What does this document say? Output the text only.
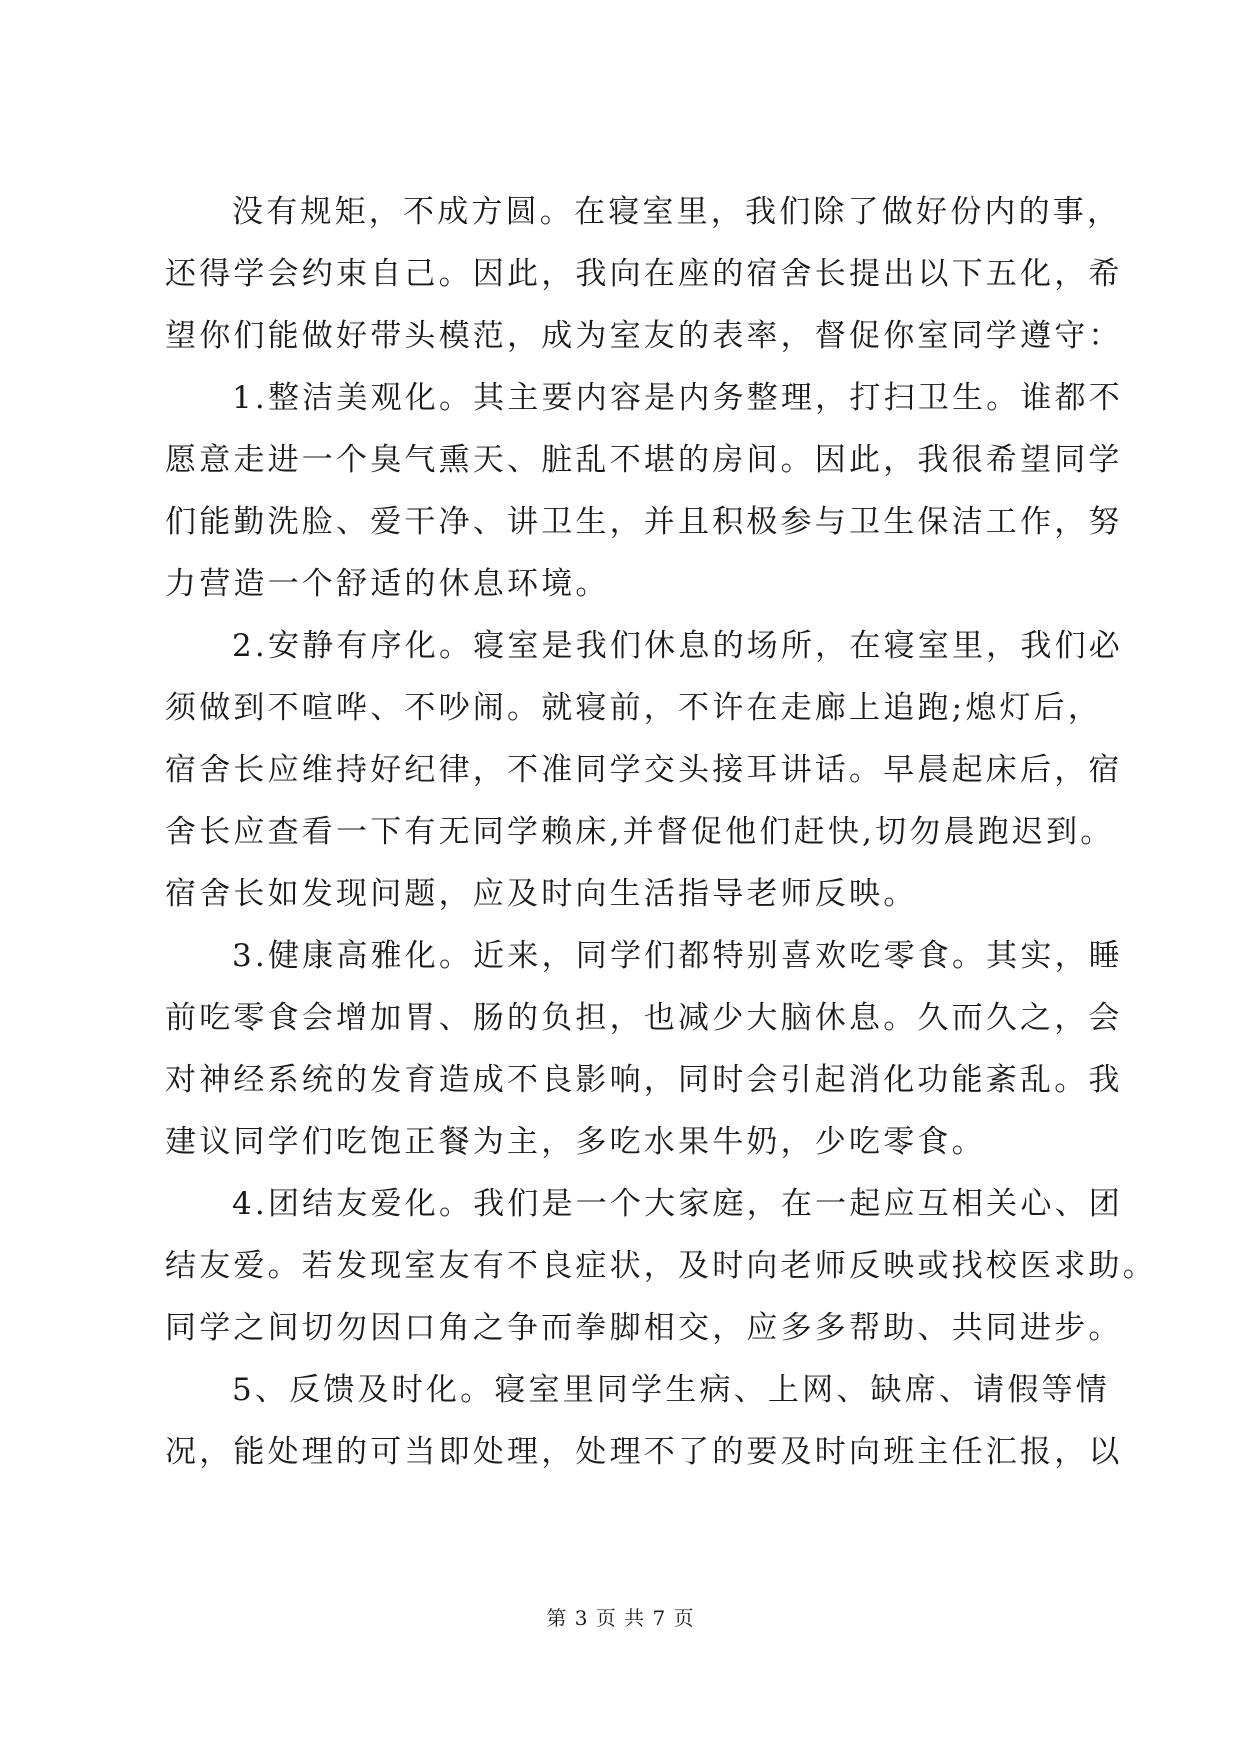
没有规矩，不成方圆。在寝室里，我们除了做好份内的事，
还得学会约束自己。因此，我向在座的宿舍长提出以下五化，希
望你们能做好带头模范，成为室友的表率，督促你室同学遵守：
1.整洁美观化。其主要内容是内务整理，打扫卫生。谁都不
愿意走进一个臭气熏天、脏乱不堪的房间。因此，我很希望同学
们能勤洗脸、爱干净、讲卫生，并且积极参与卫生保洁工作，努
力营造一个舒适的休息环境。
2.安静有序化。寝室是我们休息的场所，在寝室里，我们必
须做到不喧哗、不吵闹。就寝前，不许在走廊上追跑;熄灯后，
宿舍长应维持好纪律，不准同学交头接耳讲话。早晨起床后，宿
舍长应查看一下有无同学赖床,并督促他们赶快,切勿晨跑迟到。
宿舍长如发现问题，应及时向生活指导老师反映。
3.健康高雅化。近来，同学们都特别喜欢吃零食。其实，睡
前吃零食会增加胃、肠的负担，也减少大脑休息。久而久之，会
对神经系统的发育造成不良影响，同时会引起消化功能紊乱。我
建议同学们吃饱正餐为主，多吃水果牛奶，少吃零食。
4.团结友爱化。我们是一个大家庭，在一起应互相关心、团
结友爱。若发现室友有不良症状，及时向老师反映或找校医求助。
同学之间切勿因口角之争而拳脚相交，应多多帮助、共同进步。
5、反馈及时化。寝室里同学生病、上网、缺席、请假等情
况，能处理的可当即处理，处理不了的要及时向班主任汇报，以
第 3 页 共 7 页
